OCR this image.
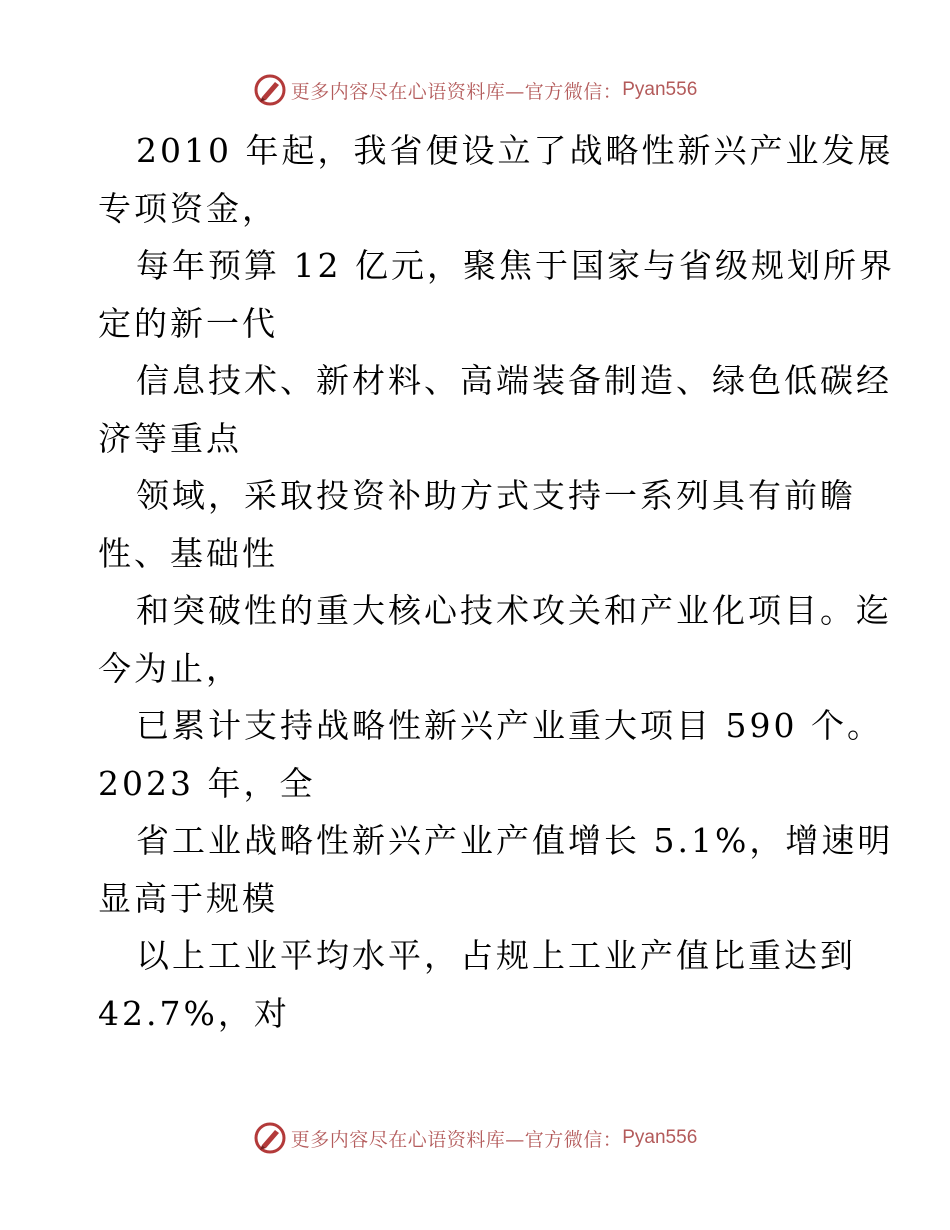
更多内容尽在心语资料库—官方微信： Pyan556

2010 年起，我省便设立了战略性新兴产业发展
专项资金，

每年预算 12 亿元，聚焦于国家与省级规划所界
定的新一代

信息技术、新材料、高端装备制造、绿色低碳经
济等重点

领域，采取投资补助方式支持一系列具有前瞻
性、基础性

和突破性的重大核心技术攻关和产业化项目。迄
今为止，

已累计支持战略性新兴产业重大项目 590 个。
2023 年，全

省工业战略性新兴产业产值增长 5.1%，增速明
显高于规模

以上工业平均水平，占规上工业产值比重达到
42.7%，对

更多内容尽在心语资料库—官方微信： Pyan556
